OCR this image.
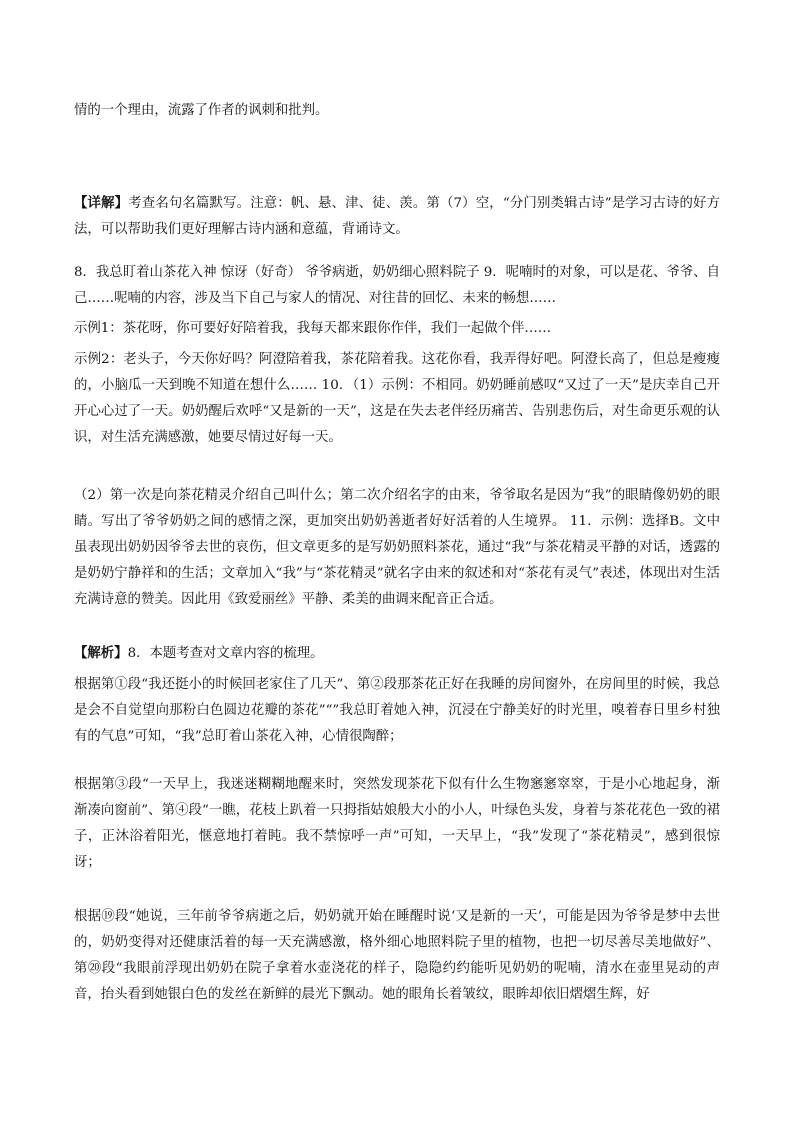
情的一个理由，流露了作者的讽刺和批判。

【详解】考查名句名篇默写。注意：帆、悬、津、徒、羡。第（7）空，“分门别类辑古诗”是学习古诗的好方法，可以帮助我们更好理解古诗内涵和意蕴，背诵诗文。

8．我总盯着山茶花入神 惊讶（好奇） 爷爷病逝，奶奶细心照料院子 9．呢喃时的对象，可以是花、爷爷、自己……呢喃的内容，涉及当下自己与家人的情况、对往昔的回忆、未来的畅想……

示例1：茶花呀，你可要好好陪着我，我每天都来跟你作伴，我们一起做个伴……

示例2：老头子，今天你好吗？阿澄陪着我，茶花陪着我。这花你看，我弄得好吧。阿澄长高了，但总是瘦瘦的，小脑瓜一天到晚不知道在想什么…… 10．（1）示例：不相同。奶奶睡前感叹“又过了一天”是庆幸自己开开心心过了一天。奶奶醒后欢呼“又是新的一天”，这是在失去老伴经历痛苦、告别悲伤后，对生命更乐观的认识，对生活充满感激，她要尽情过好每一天。

（2）第一次是向茶花精灵介绍自己叫什么；第二次介绍名字的由来，爷爷取名是因为“我”的眼睛像奶奶的眼睛。写出了爷爷奶奶之间的感情之深，更加突出奶奶善逝者好好活着的人生境界。 11．示例：选择B。文中虽表现出奶奶因爷爷去世的哀伤，但文章更多的是写奶奶照料茶花，通过“我”与茶花精灵平静的对话，透露的是奶奶宁静祥和的生活；文章加入“我”与“茶花精灵”就名字由来的叙述和对“茶花有灵气”表述，体现出对生活充满诗意的赞美。因此用《致爱丽丝》平静、柔美的曲调来配音正合适。

【解析】8．本题考查对文章内容的梳理。

根据第①段“我还挺小的时候回老家住了几天”、第②段那茶花正好在我睡的房间窗外，在房间里的时候，我总是会不自觉望向那粉白色圆边花瓣的茶花”“”我总盯着她入神，沉浸在宁静美好的时光里，嗅着春日里乡村独有的气息”可知，“我”总盯着山茶花入神，心情很陶醉；

根据第③段“一天早上，我迷迷糊糊地醒来时，突然发现茶花下似有什么生物窸窸窣窣，于是小心地起身，渐渐凑向窗前”、第④段“一瞧，花枝上趴着一只拇指姑娘般大小的小人，叶绿色头发，身着与茶花花色一致的裙子，正沐浴着阳光，惬意地打着盹。我不禁惊呼一声”可知，一天早上，“我”发现了“茶花精灵”，感到很惊讶；

根据⑲段“她说，三年前爷爷病逝之后，奶奶就开始在睡醒时说‘又是新的一天’，可能是因为爷爷是梦中去世的，奶奶变得对还健康活着的每一天充满感激，格外细心地照料院子里的植物，也把一切尽善尽美地做好”、第⑳段“我眼前浮现出奶奶在院子拿着水壶浇花的样子，隐隐约约能听见奶奶的呢喃，清水在壶里晃动的声音，抬头看到她银白色的发丝在新鲜的晨光下飘动。她的眼角长着皱纹，眼眸却依旧熠熠生辉，好
